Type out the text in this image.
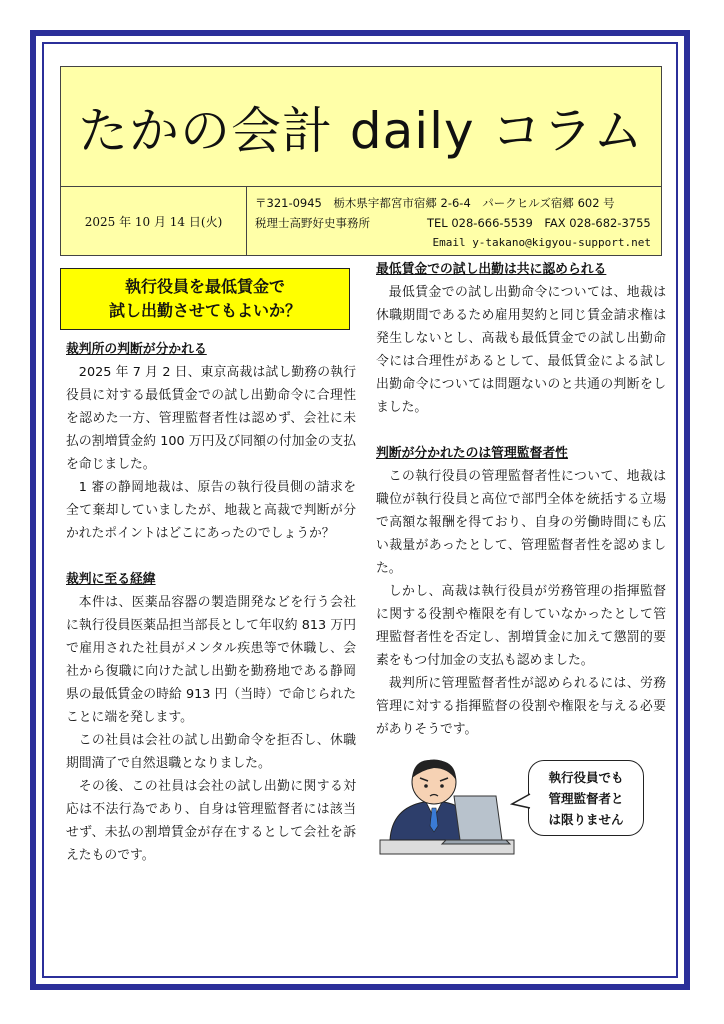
たかの会計 daily コラム
2025 年 10 月 14 日(火)
〒321-0945　栃木県宇都宮市宿郷 2-6-4　パークヒルズ宿郷 602 号
税理士高野好史事務所	TEL 028-666-5539　FAX 028-682-3755
Email y-takano@kigyou-support.net
執行役員を最低賃金で
試し出勤させてもよいか？
裁判所の判断が分かれる
2025 年 7 月 2 日、東京高裁は試し勤務の執行役員に対する最低賃金での試し出勤命令に合理性を認めた一方、管理監督者性は認めず、会社に未払の割増賃金約 100 万円及び同額の付加金の支払を命じました。
1 審の静岡地裁は、原告の執行役員側の請求を全て棄却していましたが、地裁と高裁で判断が分かれたポイントはどこにあったのでしょうか？
裁判に至る経緯
本件は、医薬品容器の製造開発などを行う会社に執行役員医薬品担当部長として年収約 813 万円で雇用された社員がメンタル疾患等で休職し、会社から復職に向けた試し出勤を勤務地である静岡県の最低賃金の時給 913 円（当時）で命じられたことに端を発します。
この社員は会社の試し出勤命令を拒否し、休職期間満了で自然退職となりました。
その後、この社員は会社の試し出勤に関する対応は不法行為であり、自身は管理監督者には該当せず、未払の割増賃金が存在するとして会社を訴えたものです。
最低賃金での試し出勤は共に認められる
最低賃金での試し出勤命令については、地裁は休職期間であるため雇用契約と同じ賃金請求権は発生しないとし、高裁も最低賃金での試し出勤命令には合理性があるとして、最低賃金による試し出勤命令については問題ないのと共通の判断をしました。
判断が分かれたのは管理監督者性
この執行役員の管理監督者性について、地裁は職位が執行役員と高位で部門全体を統括する立場で高額な報酬を得ており、自身の労働時間にも広い裁量があったとして、管理監督者性を認めました。
しかし、高裁は執行役員が労務管理の指揮監督に関する役割や権限を有していなかったとして管理監督者性を否定し、割増賃金に加えて懲罰的要素をもつ付加金の支払も認めました。
裁判所に管理監督者性が認められるには、労務管理に対する指揮監督の役割や権限を与える必要がありそうです。
執行役員でも
管理監督者と
は限りません
